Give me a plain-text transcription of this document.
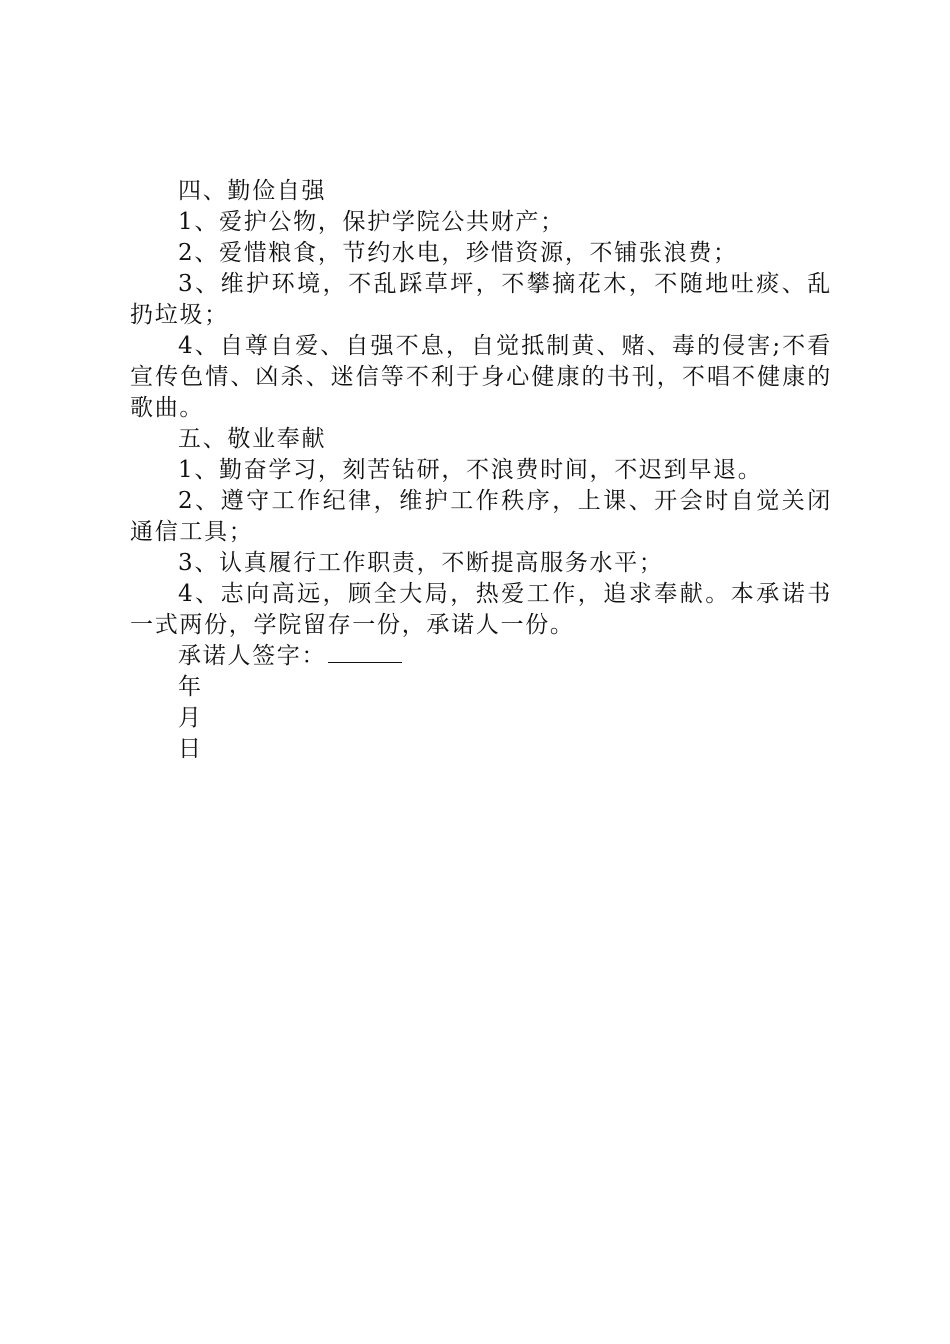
四、勤俭自强

1、爱护公物，保护学院公共财产；

2、爱惜粮食，节约水电，珍惜资源，不铺张浪费；

3、维护环境，不乱踩草坪，不攀摘花木，不随地吐痰、乱扔垃圾；

4、自尊自爱、自强不息，自觉抵制黄、赌、毒的侵害;不看宣传色情、凶杀、迷信等不利于身心健康的书刊，不唱不健康的歌曲。

五、敬业奉献

1、勤奋学习，刻苦钻研，不浪费时间，不迟到早退。

2、遵守工作纪律，维护工作秩序，上课、开会时自觉关闭通信工具；

3、认真履行工作职责，不断提高服务水平；

4、志向高远，顾全大局，热爱工作，追求奉献。本承诺书一式两份，学院留存一份，承诺人一份。

承诺人签字：

年

月

日
